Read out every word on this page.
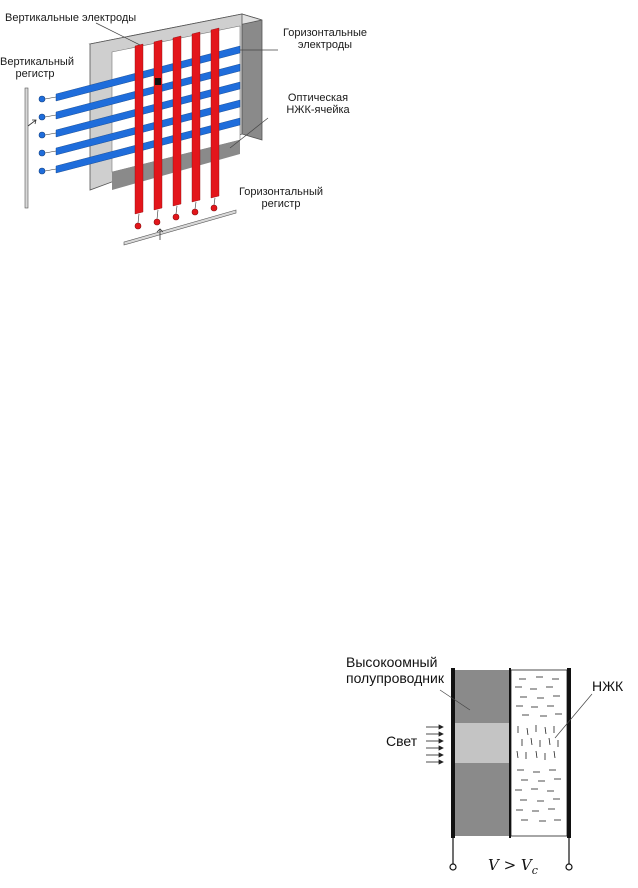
Вертикальные электроды
Горизонтальные
электроды
Вертикальный
регистр
Оптическая
НЖК-ячейка
Горизонтальный
регистр
Высокоомный
полупроводник
Свет
НЖК
$V > V_c$
